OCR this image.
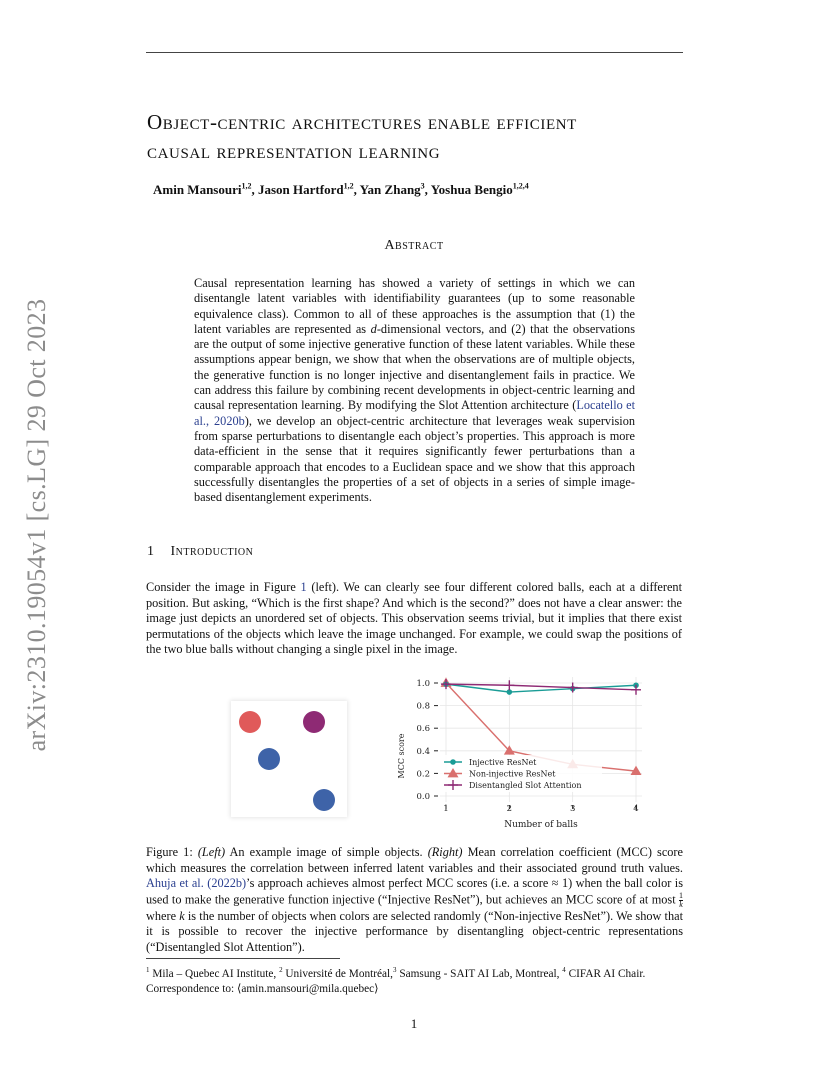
arXiv:2310.19054v1 [cs.LG] 29 Oct 2023
Object-centric architectures enable efficient
causal representation learning
Amin Mansouri$^{1,2}$, Jason Hartford$^{1,2}$, Yan Zhang$^3$, Yoshua Bengio$^{1,2,4}$
Abstract
Causal representation learning has showed a variety of settings in which we can disentangle latent variables with identifiability guarantees (up to some reasonable equivalence class). Common to all of these approaches is the assumption that (1) the latent variables are represented as d-dimensional vectors, and (2) that the observations are the output of some injective generative function of these latent variables. While these assumptions appear benign, we show that when the observations are of multiple objects, the generative function is no longer injective and disentanglement fails in practice. We can address this failure by combining recent developments in object-centric learning and causal representation learning. By modifying the Slot Attention architecture (Locatello et al., 2020b), we develop an object-centric architecture that leverages weak supervision from sparse perturbations to disentangle each object’s properties. This approach is more data-efficient in the sense that it requires significantly fewer perturbations than a comparable approach that encodes to a Euclidean space and we show that this approach successfully disentangles the properties of a set of objects in a series of simple image-based disentanglement experiments.
1 Introduction
Consider the image in Figure 1 (left). We can clearly see four different colored balls, each at a different position. But asking, “Which is the first shape? And which is the second?” does not have a clear answer: the image just depicts an unordered set of objects. This observation seems trivial, but it implies that there exist permutations of the objects which leave the image unchanged. For example, we could swap the positions of the two blue balls without changing a single pixel in the image.
0.0
0.2
0.4
0.6
0.8
1.0
1	2	3	4
Injective ResNet
Non-injective ResNet
Disentangled Slot Attention
MCC score
Number of balls
Figure 1: (Left) An example image of simple objects. (Right) Mean correlation coefficient (MCC) score which measures the correlation between inferred latent variables and their associated ground truth values. Ahuja et al. (2022b)’s approach achieves almost perfect MCC scores (i.e. a score ≈ 1) when the ball color is used to make the generative function injective (“Injective ResNet”), but achieves an MCC score of at most $\frac{1}{k}$ where k is the number of objects when colors are selected randomly (“Non-injective ResNet”). We show that it is possible to recover the injective performance by disentangling object-centric representations (“Disentangled Slot Attention”).
$^1$ Mila – Quebec AI Institute, $^2$ Université de Montréal,$^3$ Samsung - SAIT AI Lab, Montreal, $^4$ CIFAR AI Chair. Correspondence to: ⟨amin.mansouri@mila.quebec⟩
1
